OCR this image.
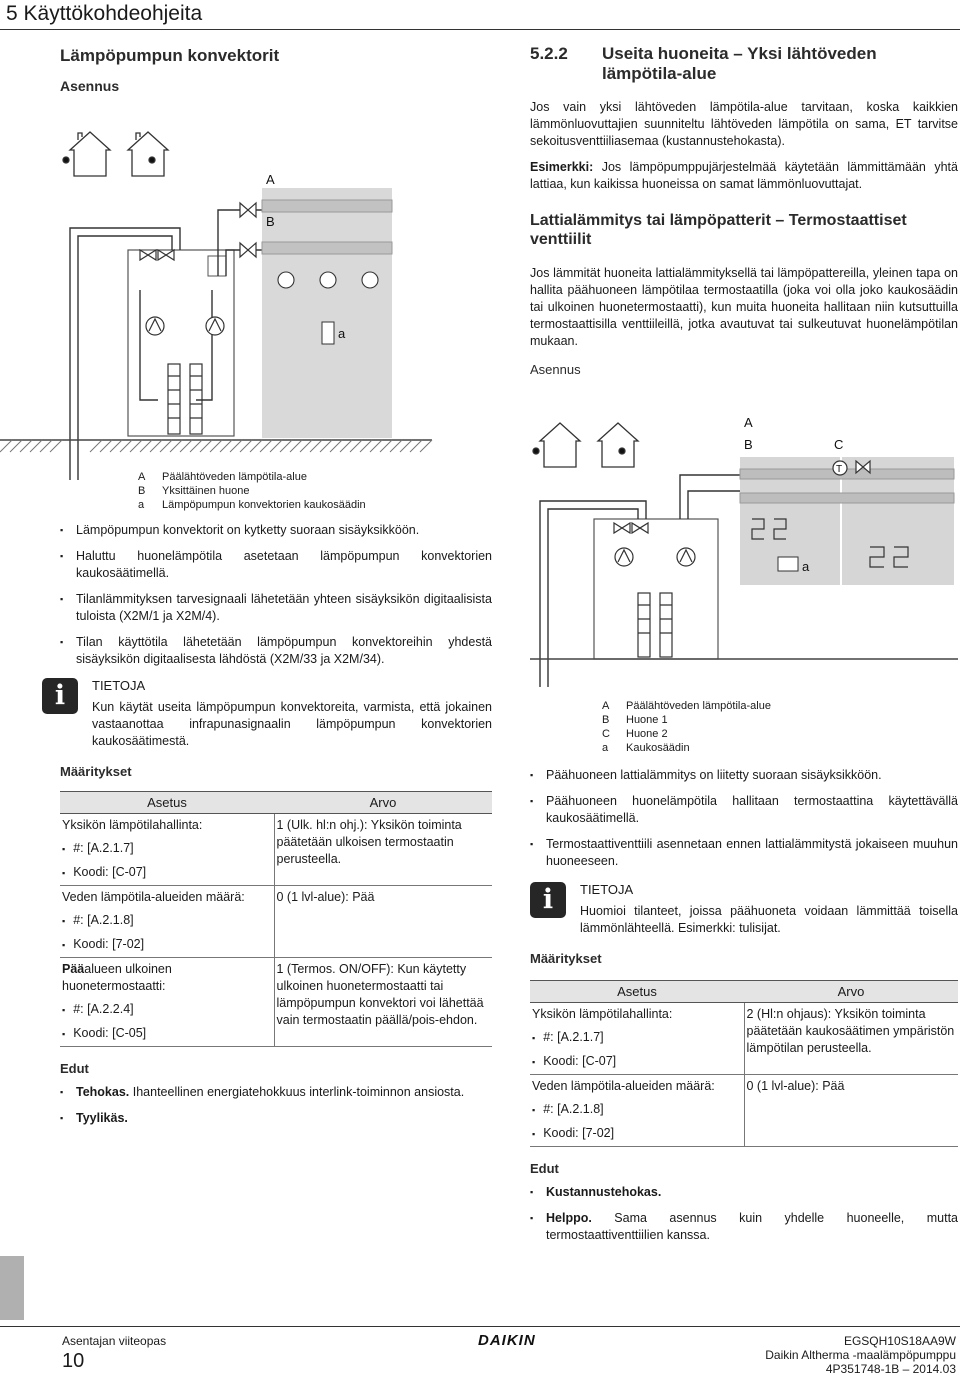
5 Käyttökohdeohjeita
Lämpöpumpun konvektorit
Asennus
A
B
a
A	Päälähtöveden lämpötila-alue
B	Yksittäinen huone
a	Lämpöpumpun konvektorien kaukosäädin
▪ Lämpöpumpun konvektorit on kytketty suoraan sisäyksikköön.
▪ Haluttu huonelämpötila asetetaan lämpöpumpun konvektorien kaukosäätimellä.
▪ Tilanlämmityksen tarvesignaali lähetetään yhteen sisäyksikön digitaalisista tuloista (X2M/1 ja X2M/4).
▪ Tilan käyttötila lähetetään lämpöpumpun konvektoreihin yhdestä sisäyksikön digitaalisesta lähdöstä (X2M/33 ja X2M/34).
i	TIETOJA

Kun käytät useita lämpöpumpun konvektoreita, varmista, että jokainen vastaanottaa infrapunasignaalin lämpöpumpun konvektorien kaukosäätimestä.

Määritykset
Asetus	Arvo
Yksikön lämpötilahallinta:
▪ #: [A.2.1.7]
▪ Koodi: [C-07]	1 (Ulk. hl:n ohj.): Yksikön toiminta päätetään ulkoisen termostaatin perusteella.
Veden lämpötila-alueiden määrä:
▪ #: [A.2.1.8]
▪ Koodi: [7-02]	0 (1 lvl-alue): Pää
Pääalueen ulkoinen huonetermostaatti:
▪ #: [A.2.2.4]
▪ Koodi: [C-05]	1 (Termos. ON/OFF): Kun käytetty ulkoinen huonetermostaatti tai lämpöpumpun konvektori voi lähettää vain termostaatin päällä/pois-ehdon.
Edut
▪ Tehokas. Ihanteellinen energiatehokkuus interlink-toiminnon ansiosta.
▪ Tyylikäs.
5.2.2	Useita huoneita – Yksi lähtöveden lämpötila-alue

Jos vain yksi lähtöveden lämpötila-alue tarvitaan, koska kaikkien lämmönluovuttajien suunniteltu lähtöveden lämpötila on sama, ET tarvitse sekoitusventtiiliasemaa (kustannustehokasta).

Esimerkki: Jos lämpöpumppujärjestelmää käytetään lämmittämään yhtä lattiaa, kun kaikissa huoneissa on samat lämmönluovuttajat.

Lattialämmitys tai lämpöpatterit – Termostaattiset venttiilit

Jos lämmität huoneita lattialämmityksellä tai lämpöpattereilla, yleinen tapa on hallita päähuoneen lämpötilaa termostaatilla (joka voi olla joko kaukosäädin tai ulkoinen huonetermostaatti), kun muita huoneita hallitaan niin kutsuttuilla termostaattisilla venttiileillä, jotka avautuvat tai sulkeutuvat huonelämpötilan mukaan.

Asennus
A
B	C
T
a
A	Päälähtöveden lämpötila-alue
B	Huone 1
C	Huone 2
a	Kaukosäädin
▪ Päähuoneen lattialämmitys on liitetty suoraan sisäyksikköön.
▪ Päähuoneen huonelämpötila hallitaan termostaattina käytettävällä kaukosäätimellä.
▪ Termostaattiventtiili asennetaan ennen lattialämmitystä jokaiseen muuhun huoneeseen.
i	TIETOJA

Huomioi tilanteet, joissa päähuoneta voidaan lämmittää toisella lämmönlähteellä. Esimerkki: tulisijat.

Määritykset
Asetus	Arvo
Yksikön lämpötilahallinta:
▪ #: [A.2.1.7]
▪ Koodi: [C-07]	2 (Hl:n ohjaus): Yksikön toiminta päätetään kaukosäätimen ympäristön lämpötilan perusteella.
Veden lämpötila-alueiden määrä:
▪ #: [A.2.1.8]
▪ Koodi: [7-02]	0 (1 lvl-alue): Pää
Edut
▪ Kustannustehokas.
▪ Helppo. Sama asennus kuin yhdelle huoneelle, mutta termostaattiventtiilien kanssa.
Asentajan viiteopas
10
DAIKIN	EGSQH10S18AA9W
Daikin Altherma -maalämpöpumppu
4P351748-1B – 2014.03
